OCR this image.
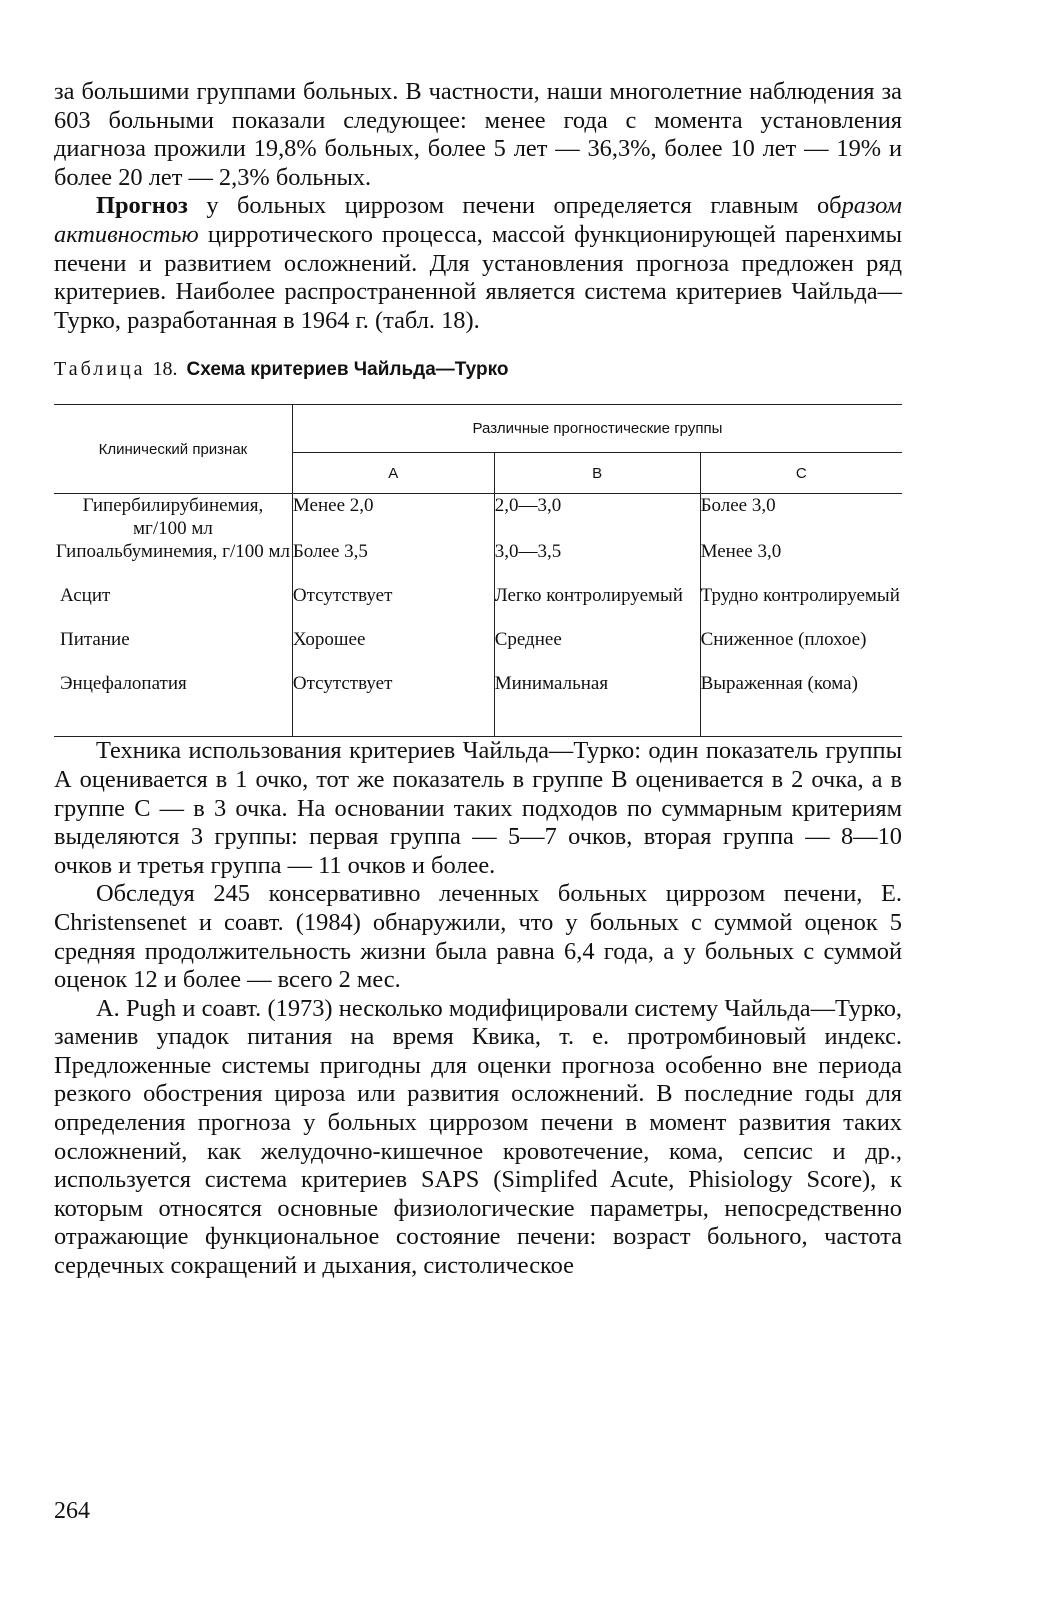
за большими группами больных. В частности, наши многолетние наблюдения за 603 больными показали следующее: менее года с момента установления диагноза прожили 19,8% больных, более 5 лет — 36,3%, более 10 лет — 19% и более 20 лет — 2,3% больных.

Прогноз у больных циррозом печени определяется главным образом активностью цирротического процесса, массой функционирующей паренхимы печени и развитием осложнений. Для установления прогноза предложен ряд критериев. Наиболее распространенной является система критериев Чайльда—Турко, разработанная в 1964 г. (табл. 18).

Таблица 18. Схема критериев Чайльда—Турко
Клинический признак	Различные прогностические группы		
	A	B	C
Гипербилирубинемия, мг/100 мл	Менее 2,0	2,0—3,0	Более 3,0
Гипоальбуминемия, г/100 мл	Более 3,5	3,0—3,5	Менее 3,0
Асцит	Отсутствует	Легко контролируемый	Трудно контролируемый
Питание	Хорошее	Среднее	Сниженное (плохое)
Энцефалопатия	Отсутствует	Минимальная	Выраженная (кома)

Техника использования критериев Чайльда—Турко: один показатель группы А оценивается в 1 очко, тот же показатель в группе В оценивается в 2 очка, а в группе С — в 3 очка. На основании таких подходов по суммарным критериям выделяются 3 группы: первая группа — 5—7 очков, вторая группа — 8—10 очков и третья группа — 11 очков и более.

Обследуя 245 консервативно леченных больных циррозом печени, E. Christensenet и соавт. (1984) обнаружили, что у больных с суммой оценок 5 средняя продолжительность жизни была равна 6,4 года, а у больных с суммой оценок 12 и более — всего 2 мес.

A. Pugh и соавт. (1973) несколько модифицировали систему Чайльда—Турко, заменив упадок питания на время Квика, т. е. протромбиновый индекс. Предложенные системы пригодны для оценки прогноза особенно вне периода резкого обострения цироза или развития осложнений. В последние годы для определения прогноза у больных циррозом печени в момент развития таких осложнений, как желудочно-кишечное кровотечение, кома, сепсис и др., используется система критериев SAPS (Simplifed Acute, Phisiology Score), к которым относятся основные физиологические параметры, непосредственно отражающие функциональное состояние печени: возраст больного, частота сердечных сокращений и дыхания, систолическое

264
